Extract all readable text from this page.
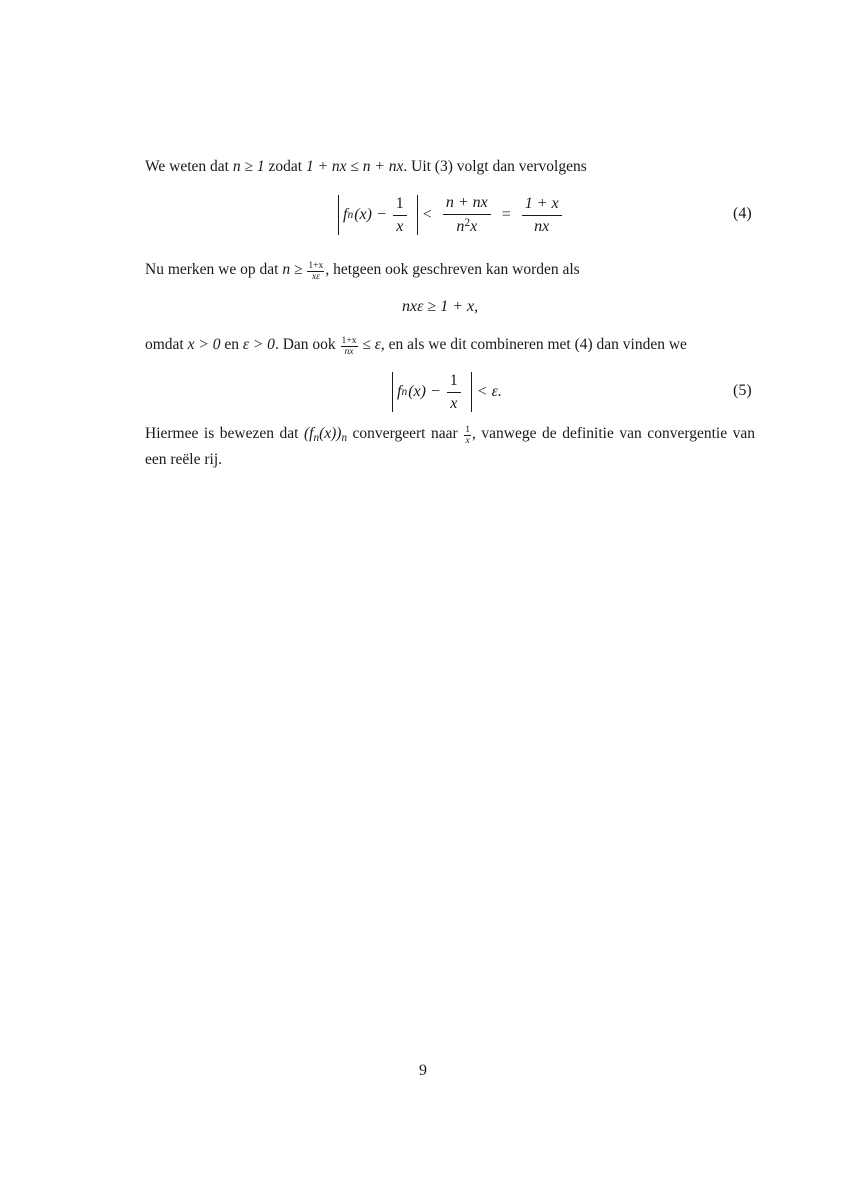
We weten dat n ≥ 1 zodat 1 + nx ≤ n + nx. Uit (3) volgt dan vervolgens
f n $(x) - \frac{1}{x} < \frac{n + nx}{n^2x} = \frac{1 + x}{nx}$	(4)
Nu merken we op dat $n \ge \frac{1+x}{x\varepsilon}$ , hetgeen ook geschreven kan worden als
nxε ≥ 1 + x,
omdat x > 0 en ε > 0. Dan ook $\frac{1+x}{nx} \le \varepsilon$, en als we dit combineren met (4) dan vinden we
f n $(x) - \frac{1}{x} < \varepsilon$.	(5)
Hiermee is bewezen dat $(f_n(x))_n$ convergeert naar $\frac{1}{x}$ , vanwege de definitie van convergentie van een reële rij.
9
